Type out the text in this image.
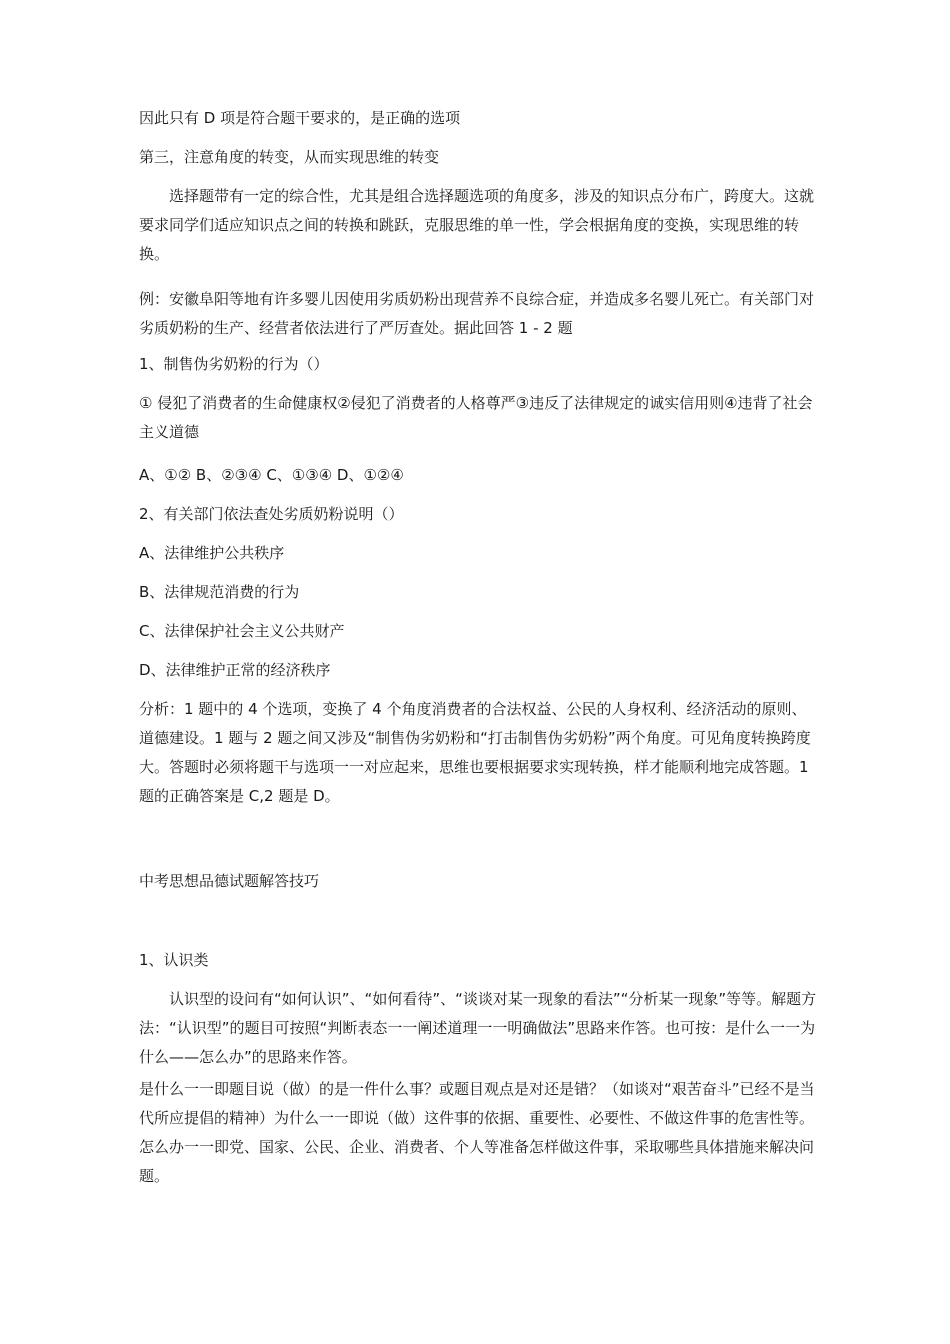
因此只有 D 项是符合题干要求的，是正确的选项

第三，注意角度的转变，从而实现思维的转变

选择题带有一定的综合性，尤其是组合选择题选项的角度多，涉及的知识点分布广，跨度大。这就要求同学们适应知识点之间的转换和跳跃，克服思维的单一性，学会根据角度的变换，实现思维的转换。

例：安徽阜阳等地有许多婴儿因使用劣质奶粉出现营养不良综合症，并造成多名婴儿死亡。有关部门对劣质奶粉的生产、经营者依法进行了严厉查处。据此回答 1 - 2 题

1、制售伪劣奶粉的行为（）

① 侵犯了消费者的生命健康权②侵犯了消费者的人格尊严③违反了法律规定的诚实信用则④违背了社会主义道德

A、①② B、②③④ C、①③④ D、①②④

2、有关部门依法查处劣质奶粉说明（）

A、法律维护公共秩序

B、法律规范消费的行为

C、法律保护社会主义公共财产

D、法律维护正常的经济秩序

分析：1 题中的 4 个选项，变换了 4 个角度消费者的合法权益、公民的人身权利、经济活动的原则、道德建设。1 题与 2 题之间又涉及“制售伪劣奶粉和“打击制售伪劣奶粉”两个角度。可见角度转换跨度大。答题时必须将题干与选项一一对应起来，思维也要根据要求实现转换，样才能顺利地完成答题。1 题的正确答案是 C,2 题是 D。

中考思想品德试题解答技巧

1、认识类

认识型的设问有“如何认识”、“如何看待”、“谈谈对某一现象的看法”“分析某一现象”等等。解题方法：“认识型”的题目可按照“判断表态一一阐述道理一一明确做法”思路来作答。也可按：是什么一一为什么——怎么办”的思路来作答。

是什么一一即题目说（做）的是一件什么事？或题目观点是对还是错？（如谈对“艰苦奋斗”已经不是当代所应提倡的精神）为什么一一即说（做）这件事的依据、重要性、必要性、不做这件事的危害性等。怎么办一一即党、国家、公民、企业、消费者、个人等准备怎样做这件事，采取哪些具体措施来解决问题。
